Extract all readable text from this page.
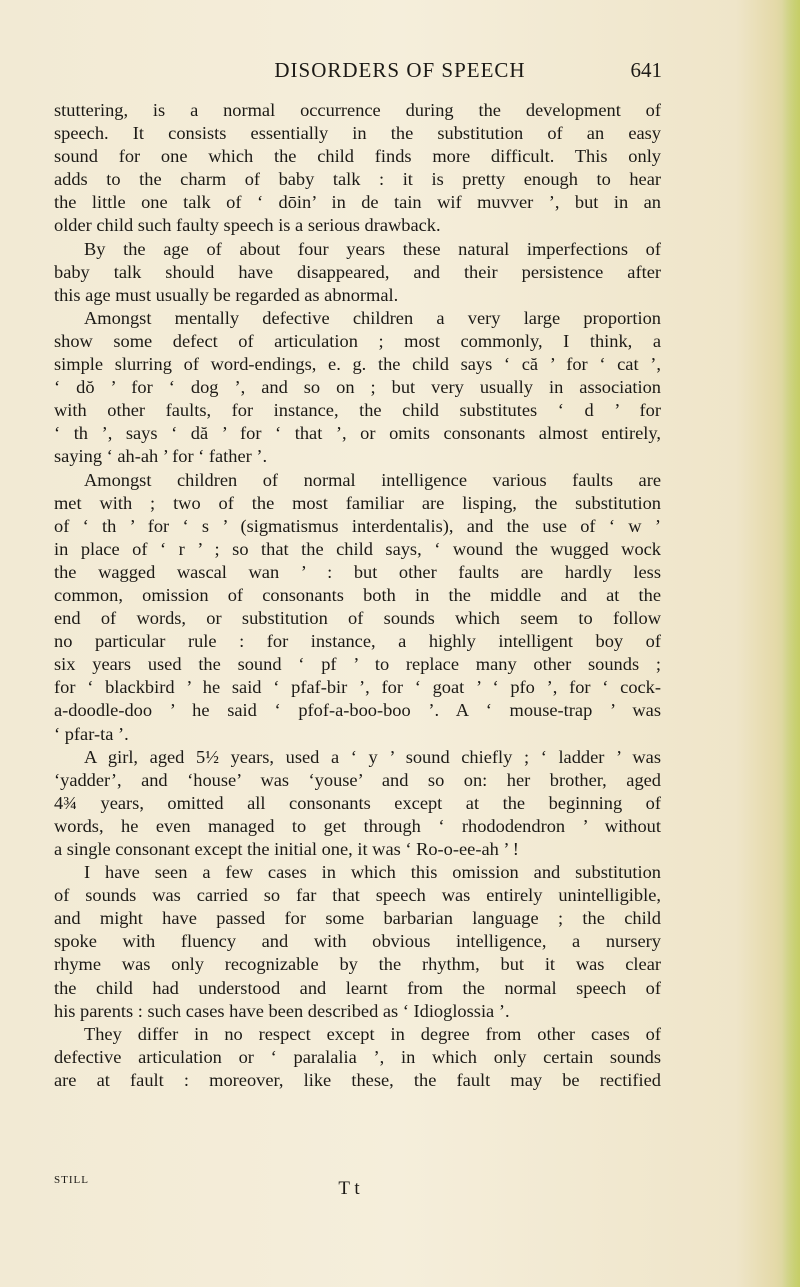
DISORDERS OF SPEECH	641
stuttering, is a normal occurrence during the development of
speech. It consists essentially in the substitution of an easy
sound for one which the child finds more difficult. This only
adds to the charm of baby talk : it is pretty enough to hear
the little one talk of ‘ dōin’ in de tain wif muvver ’, but in an
older child such faulty speech is a serious drawback.
By the age of about four years these natural imperfections of
baby talk should have disappeared, and their persistence after
this age must usually be regarded as abnormal.
Amongst mentally defective children a very large proportion
show some defect of articulation ; most commonly, I think, a
simple slurring of word-endings, e. g. the child says ‘ că ’ for ‘ cat ’,
‘ dŏ ’ for ‘ dog ’, and so on ; but very usually in association
with other faults, for instance, the child substitutes ‘ d ’ for
‘ th ’, says ‘ dă ’ for ‘ that ’, or omits consonants almost entirely,
saying ‘ ah-ah ’ for ‘ father ’.
Amongst children of normal intelligence various faults are
met with ; two of the most familiar are lisping, the substitution
of ‘ th ’ for ‘ s ’ (sigmatismus interdentalis), and the use of ‘ w ’
in place of ‘ r ’ ; so that the child says, ‘ wound the wugged wock
the wagged wascal wan ’ : but other faults are hardly less
common, omission of consonants both in the middle and at the
end of words, or substitution of sounds which seem to follow
no particular rule : for instance, a highly intelligent boy of
six years used the sound ‘ pf ’ to replace many other sounds ;
for ‘ blackbird ’ he said ‘ pfaf-bir ’, for ‘ goat ’ ‘ pfo ’, for ‘ cock-
a-doodle-doo ’ he said ‘ pfof-a-boo-boo ’. A ‘ mouse-trap ’ was
‘ pfar-ta ’.
A girl, aged 5½ years, used a ‘ y ’ sound chiefly ; ‘ ladder ’ was
‘yadder’, and ‘house’ was ‘youse’ and so on: her brother, aged
4¾ years, omitted all consonants except at the beginning of
words, he even managed to get through ‘ rhododendron ’ without
a single consonant except the initial one, it was ‘ Ro-o-ee-ah ’ !
I have seen a few cases in which this omission and substitution
of sounds was carried so far that speech was entirely unintelligible,
and might have passed for some barbarian language ; the child
spoke with fluency and with obvious intelligence, a nursery
rhyme was only recognizable by the rhythm, but it was clear
the child had understood and learnt from the normal speech of
his parents : such cases have been described as ‘ Idioglossia ’.
They differ in no respect except in degree from other cases of
defective articulation or ‘ paralalia ’, in which only certain sounds
are at fault : moreover, like these, the fault may be rectified
STILL	T t
